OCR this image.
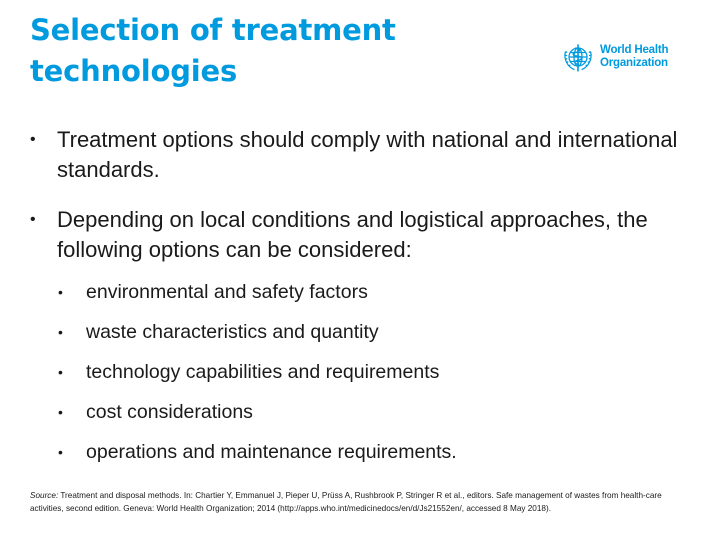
Selection of treatment technologies
World Health
Organization
• Treatment options should comply with national and international standards.
• Depending on local conditions and logistical approaches, the following options can be considered:
• environmental and safety factors
• waste characteristics and quantity
• technology capabilities and requirements
• cost considerations
• operations and maintenance requirements.
Source: Treatment and disposal methods. In: Chartier Y, Emmanuel J, Pieper U, Prüss A, Rushbrook P, Stringer R et al., editors. Safe management of wastes from health-care activities, second edition. Geneva: World Health Organization; 2014 (http://apps.who.int/medicinedocs/en/d/Js21552en/, accessed 8 May 2018).
